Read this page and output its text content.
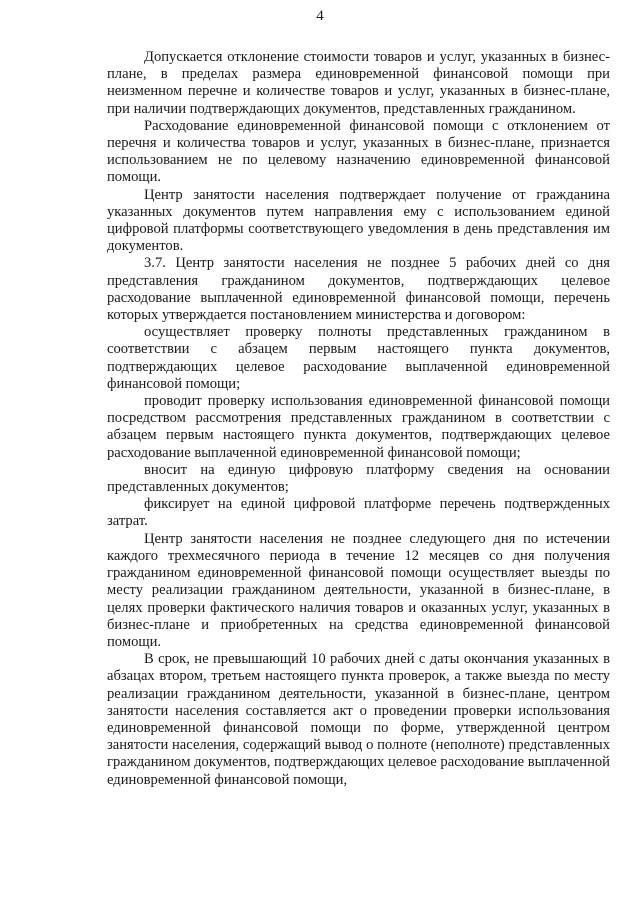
4

Допускается отклонение стоимости товаров и услуг, указанных в бизнес-плане, в пределах размера единовременной финансовой помощи при неизменном перечне и количестве товаров и услуг, указанных в бизнес-плане, при наличии подтверждающих документов, представленных гражданином.

Расходование единовременной финансовой помощи с отклонением от перечня и количества товаров и услуг, указанных в бизнес-плане, признается использованием не по целевому назначению единовременной финансовой помощи.

Центр занятости населения подтверждает получение от гражданина указанных документов путем направления ему с использованием единой цифровой платформы соответствующего уведомления в день представления им документов.

3.7. Центр занятости населения не позднее 5 рабочих дней со дня представления гражданином документов, подтверждающих целевое расходование выплаченной единовременной финансовой помощи, перечень которых утверждается постановлением министерства и договором:

осуществляет проверку полноты представленных гражданином в соответствии с абзацем первым настоящего пункта документов, подтверждающих целевое расходование выплаченной единовременной финансовой помощи;

проводит проверку использования единовременной финансовой помощи посредством рассмотрения представленных гражданином в соответствии с абзацем первым настоящего пункта документов, подтверждающих целевое расходование выплаченной единовременной финансовой помощи;

вносит на единую цифровую платформу сведения на основании представленных документов;

фиксирует на единой цифровой платформе перечень подтвержденных затрат.

Центр занятости населения не позднее следующего дня по истечении каждого трехмесячного периода в течение 12 месяцев со дня получения гражданином единовременной финансовой помощи осуществляет выезды по месту реализации гражданином деятельности, указанной в бизнес-плане, в целях проверки фактического наличия товаров и оказанных услуг, указанных в бизнес-плане и приобретенных на средства единовременной финансовой помощи.

В срок, не превышающий 10 рабочих дней с даты окончания указанных в абзацах втором, третьем настоящего пункта проверок, а также выезда по месту реализации гражданином деятельности, указанной в бизнес-плане, центром занятости населения составляется акт о проведении проверки использования единовременной финансовой помощи по форме, утвержденной центром занятости населения, содержащий вывод о полноте (неполноте) представленных гражданином документов, подтверждающих целевое расходование выплаченной единовременной финансовой помощи,
